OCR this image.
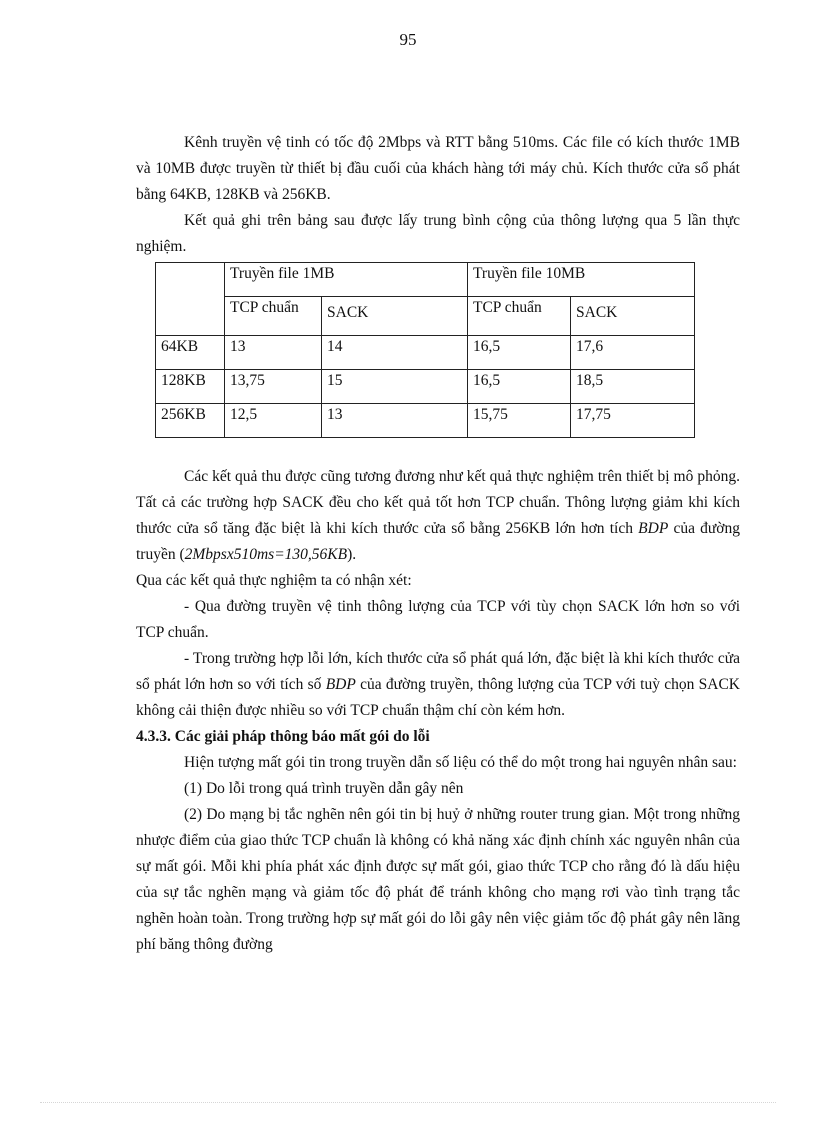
95

Kênh truyền vệ tinh có tốc độ 2Mbps và RTT bằng 510ms. Các file có kích thước 1MB và 10MB được truyền từ thiết bị đầu cuối của khách hàng tới máy chủ. Kích thước cửa sổ phát bằng 64KB, 128KB và 256KB.

Kết quả ghi trên bảng sau được lấy trung bình cộng của thông lượng qua 5 lần thực nghiệm.

	Truyền file 1MB		Truyền file 10MB	
	TCP chuẩn	SACK	TCP chuẩn	SACK
64KB	13	14	16,5	17,6
128KB	13,75	15	16,5	18,5
256KB	12,5	13	15,75	17,75

Các kết quả thu được cũng tương đương như kết quả thực nghiệm trên thiết bị mô phỏng. Tất cả các trường hợp SACK đều cho kết quả tốt hơn TCP chuẩn. Thông lượng giảm khi kích thước cửa sổ tăng đặc biệt là khi kích thước cửa sổ bằng 256KB lớn hơn tích BDP của đường truyền (2Mbpsx510ms=130,56KB).

Qua các kết quả thực nghiệm ta có nhận xét:

- Qua đường truyền vệ tinh thông lượng của TCP với tùy chọn SACK lớn hơn so với TCP chuẩn.

- Trong trường hợp lỗi lớn, kích thước cửa sổ phát quá lớn, đặc biệt là khi kích thước cửa sổ phát lớn hơn so với tích số BDP của đường truyền, thông lượng của TCP với tuỳ chọn SACK không cải thiện được nhiều so với TCP chuẩn thậm chí còn kém hơn.

4.3.3. Các giải pháp thông báo mất gói do lỗi

Hiện tượng mất gói tin trong truyền dẫn số liệu có thể do một trong hai nguyên nhân sau:

(1) Do lỗi trong quá trình truyền dẫn gây nên

(2) Do mạng bị tắc nghẽn nên gói tin bị huỷ ở những router trung gian. Một trong những nhược điểm của giao thức TCP chuẩn là không có khả năng xác định chính xác nguyên nhân của sự mất gói. Mỗi khi phía phát xác định được sự mất gói, giao thức TCP cho rằng đó là dấu hiệu của sự tắc nghẽn mạng và giảm tốc độ phát để tránh không cho mạng rơi vào tình trạng tắc nghẽn hoàn toàn. Trong trường hợp sự mất gói do lỗi gây nên việc giảm tốc độ phát gây nên lãng phí băng thông đường
